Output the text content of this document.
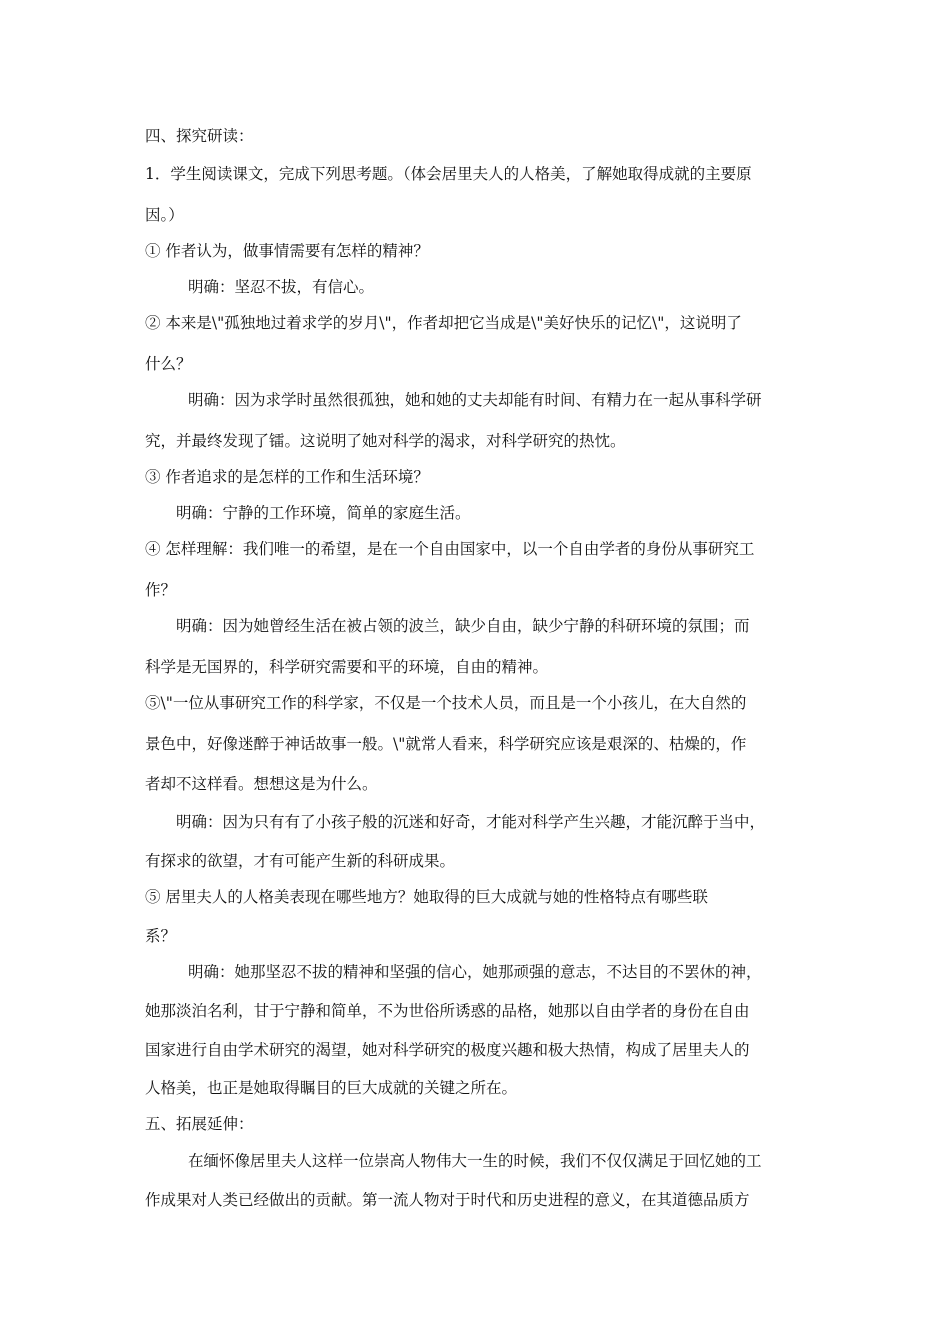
四、探究研读：
1．学生阅读课文，完成下列思考题。（体会居里夫人的人格美，了解她取得成就的主要原
因。）
① 作者认为，做事情需要有怎样的精神？
明确：坚忍不拔，有信心。
② 本来是\"孤独地过着求学的岁月\"，作者却把它当成是\"美好快乐的记忆\"，这说明了
什么？
明确：因为求学时虽然很孤独，她和她的丈夫却能有时间、有精力在一起从事科学研
究，并最终发现了镭。这说明了她对科学的渴求，对科学研究的热忱。
③ 作者追求的是怎样的工作和生活环境？
明确：宁静的工作环境，简单的家庭生活。
④ 怎样理解：我们唯一的希望，是在一个自由国家中，以一个自由学者的身份从事研究工
作？
明确：因为她曾经生活在被占领的波兰，缺少自由，缺少宁静的科研环境的氛围；而
科学是无国界的，科学研究需要和平的环境，自由的精神。
⑤\"一位从事研究工作的科学家，不仅是一个技术人员，而且是一个小孩儿，在大自然的
景色中，好像迷醉于神话故事一般。\"就常人看来，科学研究应该是艰深的、枯燥的，作
者却不这样看。想想这是为什么。
明确：因为只有有了小孩子般的沉迷和好奇，才能对科学产生兴趣，才能沉醉于当中，
有探求的欲望，才有可能产生新的科研成果。
⑤ 居里夫人的人格美表现在哪些地方？她取得的巨大成就与她的性格特点有哪些联
系？
明确：她那坚忍不拔的精神和坚强的信心，她那顽强的意志，不达目的不罢休的神，
她那淡泊名利，甘于宁静和简单，不为世俗所诱惑的品格，她那以自由学者的身份在自由
国家进行自由学术研究的渴望，她对科学研究的极度兴趣和极大热情，构成了居里夫人的
人格美，也正是她取得瞩目的巨大成就的关键之所在。
五、拓展延伸：
在缅怀像居里夫人这样一位崇高人物伟大一生的时候，我们不仅仅满足于回忆她的工
作成果对人类已经做出的贡献。第一流人物对于时代和历史进程的意义，在其道德品质方
